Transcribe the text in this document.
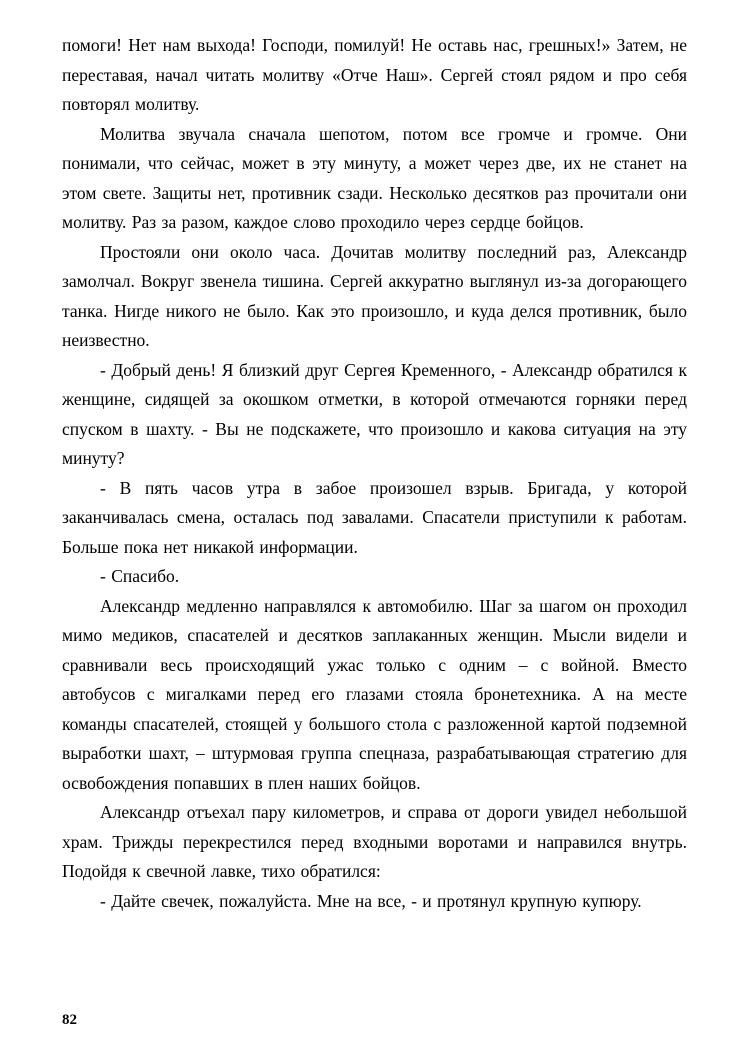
помоги! Нет нам выхода! Господи, помилуй! Не оставь нас, грешных!» Затем, не переставая, начал читать молитву «Отче Наш». Сергей стоял рядом и про себя повторял молитву.

Молитва звучала сначала шепотом, потом все громче и громче. Они понимали, что сейчас, может в эту минуту, а может через две, их не станет на этом свете. Защиты нет, противник сзади. Несколько десятков раз прочитали они молитву. Раз за разом, каждое слово проходило через сердце бойцов.

Простояли они около часа. Дочитав молитву последний раз, Александр замолчал. Вокруг звенела тишина. Сергей аккуратно выглянул из-за догорающего танка. Нигде никого не было. Как это произошло, и куда делся противник, было неизвестно.

- Добрый день! Я близкий друг Сергея Кременного, - Александр обратился к женщине, сидящей за окошком отметки, в которой отмечаются горняки перед спуском в шахту. - Вы не подскажете, что произошло и какова ситуация на эту минуту?

- В пять часов утра в забое произошел взрыв. Бригада, у которой заканчивалась смена, осталась под завалами. Спасатели приступили к работам. Больше пока нет никакой информации.

- Спасибо.

Александр медленно направлялся к автомобилю. Шаг за шагом он проходил мимо медиков, спасателей и десятков заплаканных женщин. Мысли видели и сравнивали весь происходящий ужас только с одним – с войной. Вместо автобусов с мигалками перед его глазами стояла бронетехника. А на месте команды спасателей, стоящей у большого стола с разложенной картой подземной выработки шахт, – штурмовая группа спецназа, разрабатывающая стратегию для освобождения попавших в плен наших бойцов.

Александр отъехал пару километров, и справа от дороги увидел небольшой храм. Трижды перекрестился перед входными воротами и направился внутрь. Подойдя к свечной лавке, тихо обратился:

- Дайте свечек, пожалуйста. Мне на все, - и протянул крупную купюру.

82
